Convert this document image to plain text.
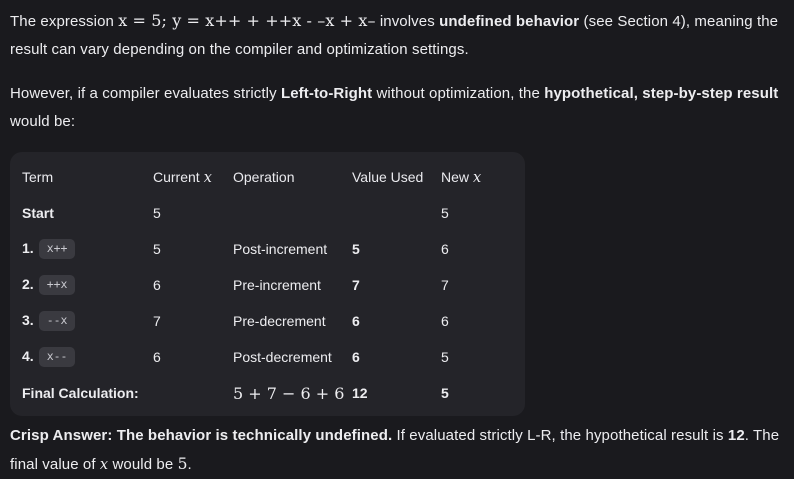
The expression x = 5; y = x++ + ++x - –x + x– involves undefined behavior (see Section 4), meaning the result can vary depending on the compiler and optimization settings.

However, if a compiler evaluates strictly Left-to-Right without optimization, the hypothetical, step-by-step result would be:

Term	Current x	Operation	Value Used	New x
Start	5			5
1. x++	5	Post-increment	5	6
2. ++x	6	Pre-increment	7	7
3. --x	7	Pre-decrement	6	6
4. x--	6	Post-decrement	6	5
Final Calculation:		5 + 7 − 6 + 6	12	5

Crisp Answer: The behavior is technically undefined. If evaluated strictly L-R, the hypothetical result is 12. The final value of x would be 5.
